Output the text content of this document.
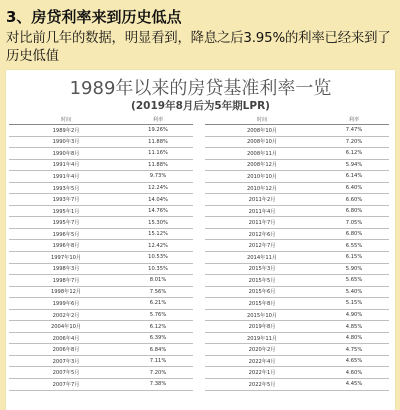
3、房贷利率来到历史低点

对比前几年的数据，明显看到，降息之后3.95%的利率已经来到了历史低值

1989年以来的房贷基准利率一览
(2019年8月后为5年期LPR)
时间	利率
1989年2月	19.26%
1990年3月	11.88%
1990年8月	11.16%
1991年4月	11.88%
1991年4月	9.73%
1993年5月	12.24%
1993年7月	14.04%
1995年1月	14.76%
1995年7月	15.30%
1996年5月	15.12%
1996年8月	12.42%
1997年10月	10.53%
1998年3月	10.35%
1998年7月	8.01%
1998年12月	7.56%
1999年6月	6.21%
2002年2月	5.76%
2004年10月	6.12%
2006年4月	6.39%
2006年8月	6.84%
2007年3月	7.11%
2007年5月	7.20%
2007年7月	7.38%
时间	利率
2008年10月	7.47%
2008年10月	7.20%
2008年11月	6.12%
2008年12月	5.94%
2010年10月	6.14%
2010年12月	6.40%
2011年2月	6.60%
2011年4月	6.80%
2011年7月	7.05%
2012年6月	6.80%
2012年7月	6.55%
2014年11月	6.15%
2015年3月	5.90%
2015年5月	5.65%
2015年6月	5.40%
2015年8月	5.15%
2015年10月	4.90%
2019年8月	4.85%
2019年11月	4.80%
2020年2月	4.75%
2022年4月	4.65%
2022年1月	4.60%
2022年5月	4.45%
